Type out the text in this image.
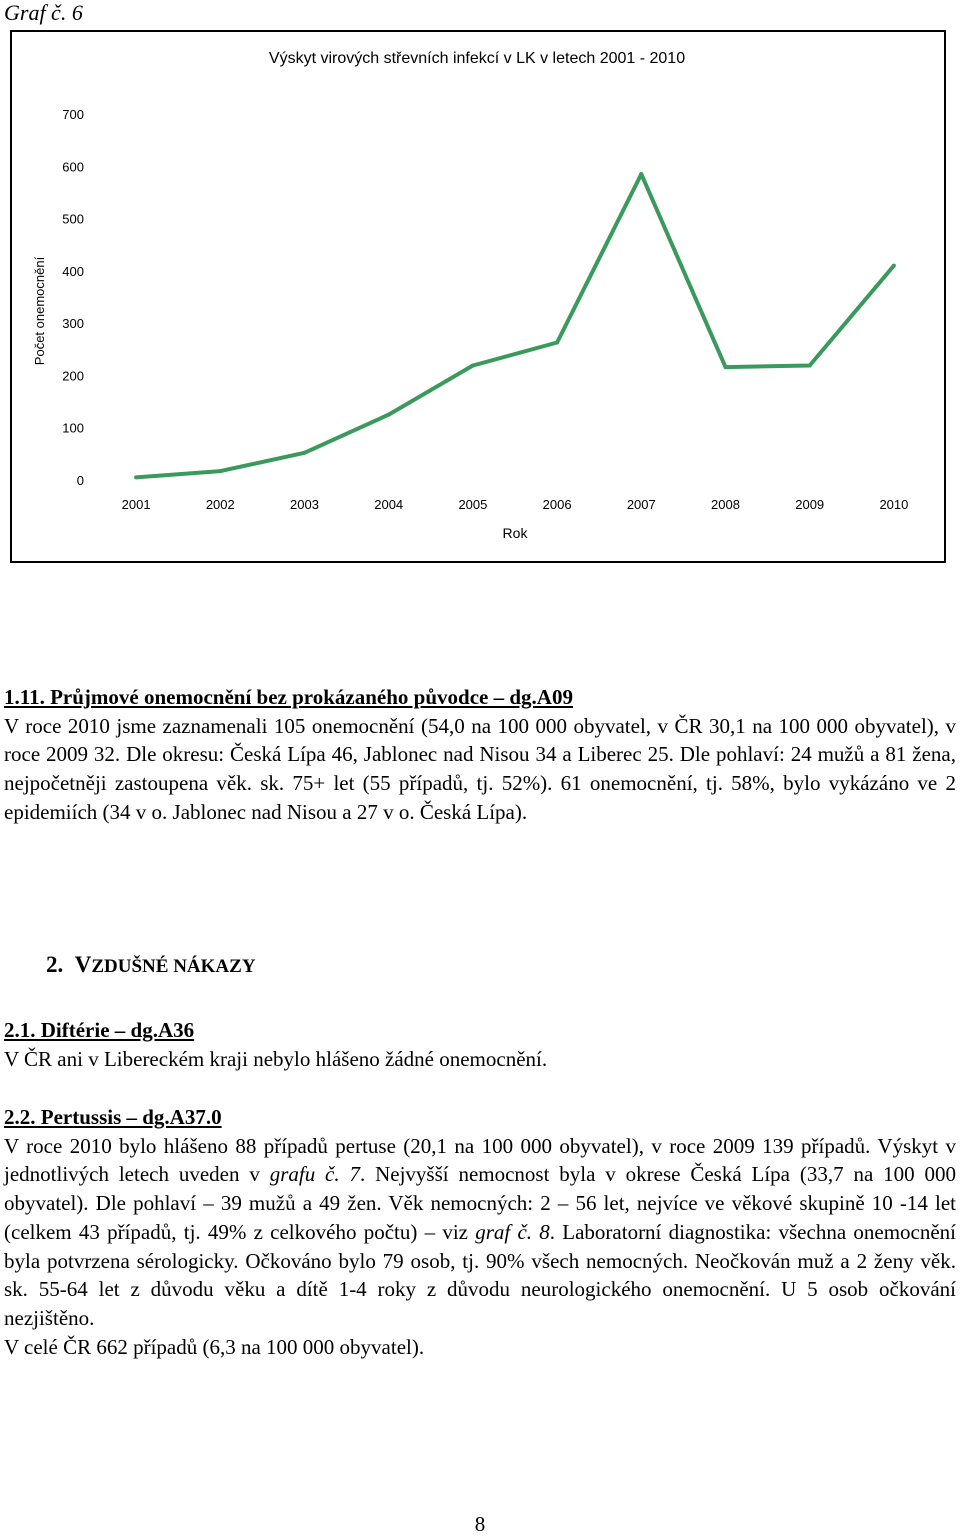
Graf č. 6
Výskyt virových střevních infekcí v LK v letech 2001 - 2010
Počet onemocnění
0
100
200
300
400
500
600
700
2001	2002	2003	2004	2005	2006	2007	2008	2009	2010
Rok

1.11. Průjmové onemocnění bez prokázaného původce – dg.A09

V roce 2010 jsme zaznamenali 105 onemocnění (54,0 na 100 000 obyvatel, v ČR 30,1 na 100 000 obyvatel), v roce 2009 32. Dle okresu: Česká Lípa 46, Jablonec nad Nisou 34 a Liberec 25. Dle pohlaví: 24 mužů a 81 žena, nejpočetněji zastoupena věk. sk. 75+ let (55 případů, tj. 52%). 61 onemocnění, tj. 58%, bylo vykázáno ve 2 epidemiích (34 v o. Jablonec nad Nisou a 27 v o. Česká Lípa).

2. VZDUŠNÉ NÁKAZY

2.1. Diftérie – dg.A36

V ČR ani v Libereckém kraji nebylo hlášeno žádné onemocnění.

2.2. Pertussis – dg.A37.0

V roce 2010 bylo hlášeno 88 případů pertuse (20,1 na 100 000 obyvatel), v roce 2009 139 případů. Výskyt v jednotlivých letech uveden v grafu č. 7. Nejvyšší nemocnost byla v okrese Česká Lípa (33,7 na 100 000 obyvatel). Dle pohlaví – 39 mužů a 49 žen. Věk nemocných: 2 – 56 let, nejvíce ve věkové skupině 10 -14 let (celkem 43 případů, tj. 49% z celkového počtu) – viz graf č. 8. Laboratorní diagnostika: všechna onemocnění byla potvrzena sérologicky. Očkováno bylo 79 osob, tj. 90% všech nemocných. Neočkován muž a 2 ženy věk. sk. 55-64 let z důvodu věku a dítě 1-4 roky z důvodu neurologického onemocnění. U 5 osob očkování nezjištěno.

V celé ČR 662 případů (6,3 na 100 000 obyvatel).

8
